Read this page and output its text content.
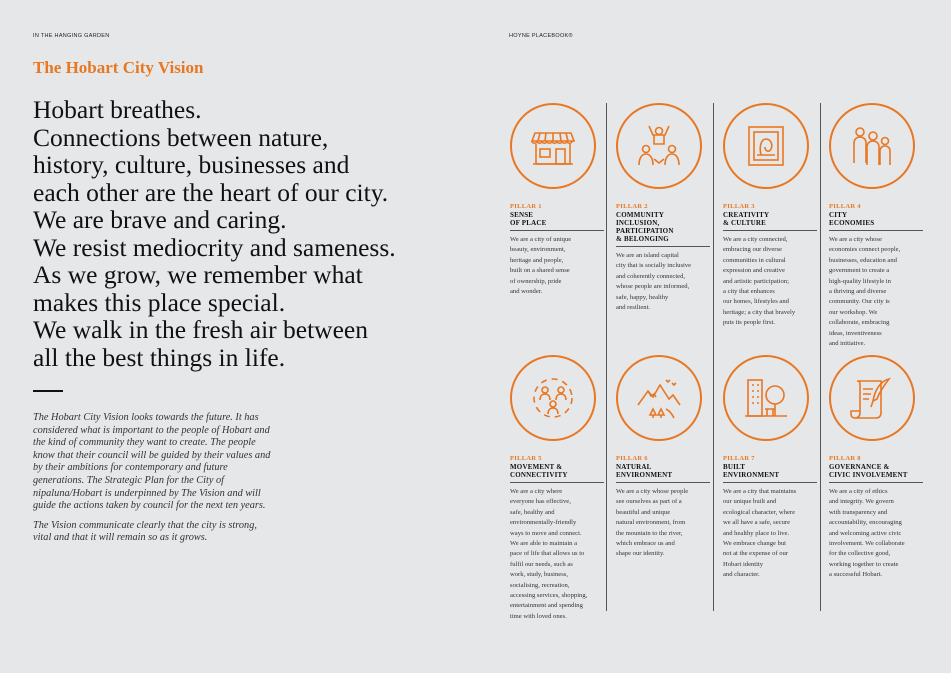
IN THE HANGING GARDEN	HOYNE PLACEBOOK®
The Hobart City Vision
Hobart breathes.
Connections between nature,
history, culture, businesses and
each other are the heart of our city.
We are brave and caring.
We resist mediocrity and sameness.
As we grow, we remember what
makes this place special.
We walk in the fresh air between
all the best things in life.

The Hobart City Vision looks towards the future. It has considered what is important to the people of Hobart and the kind of community they want to create. The people know that their council will be guided by their values and by their ambitions for contemporary and future generations. The Strategic Plan for the City of nipaluna/Hobart is underpinned by The Vision and will guide the actions taken by council for the next ten years.

The Vision communicate clearly that the city is strong,
vital and that it will remain so as it grows.

PILLAR 1
SENSE
OF PLACE
We are a city of unique
beauty, environment,
heritage and people,
built on a shared sense
of ownership, pride
and wonder.
PILLAR 2
COMMUNITY
INCLUSION,
PARTICIPATION
& BELONGING
We are an island capital
city that is socially inclusive
and coherently connected,
whose people are informed,
safe, happy, healthy
and resilient.
PILLAR 3
CREATIVITY
& CULTURE
We are a city connected,
embracing our diverse
communities in cultural
expression and creative
and artistic participation;
a city that enhances
our homes, lifestyles and
heritage; a city that bravely
puts its people first.
PILLAR 4
CITY
ECONOMIES
We are a city whose
economies connect people,
businesses, education and
government to create a
high-quality lifestyle in
a thriving and diverse
community. Our city is
our workshop. We
collaborate, embracing
ideas, inventiveness
and initiative.
PILLAR 5
MOVEMENT &
CONNECTIVITY
We are a city where
everyone has effective,
safe, healthy and
environmentally-friendly
ways to move and connect.
We are able to maintain a
pace of life that allows us to
fulfil our needs, such as
work, study, business,
socialising, recreation,
accessing services, shopping,
entertainment and spending
time with loved ones.
PILLAR 6
NATURAL
ENVIRONMENT
We are a city whose people
see ourselves as part of a
beautiful and unique
natural environment, from
the mountain to the river,
which embrace us and
shape our identity.
PILLAR 7
BUILT
ENVIRONMENT
We are a city that maintains
our unique built and
ecological character, where
we all have a safe, secure
and healthy place to live.
We embrace change but
not at the expense of our
Hobart identity
and character.
PILLAR 8
GOVERNANCE &
CIVIC INVOLVEMENT
We are a city of ethics
and integrity. We govern
with transparency and
accountability, encouraging
and welcoming active civic
involvement. We collaborate
for the collective good,
working together to create
a successful Hobart.
